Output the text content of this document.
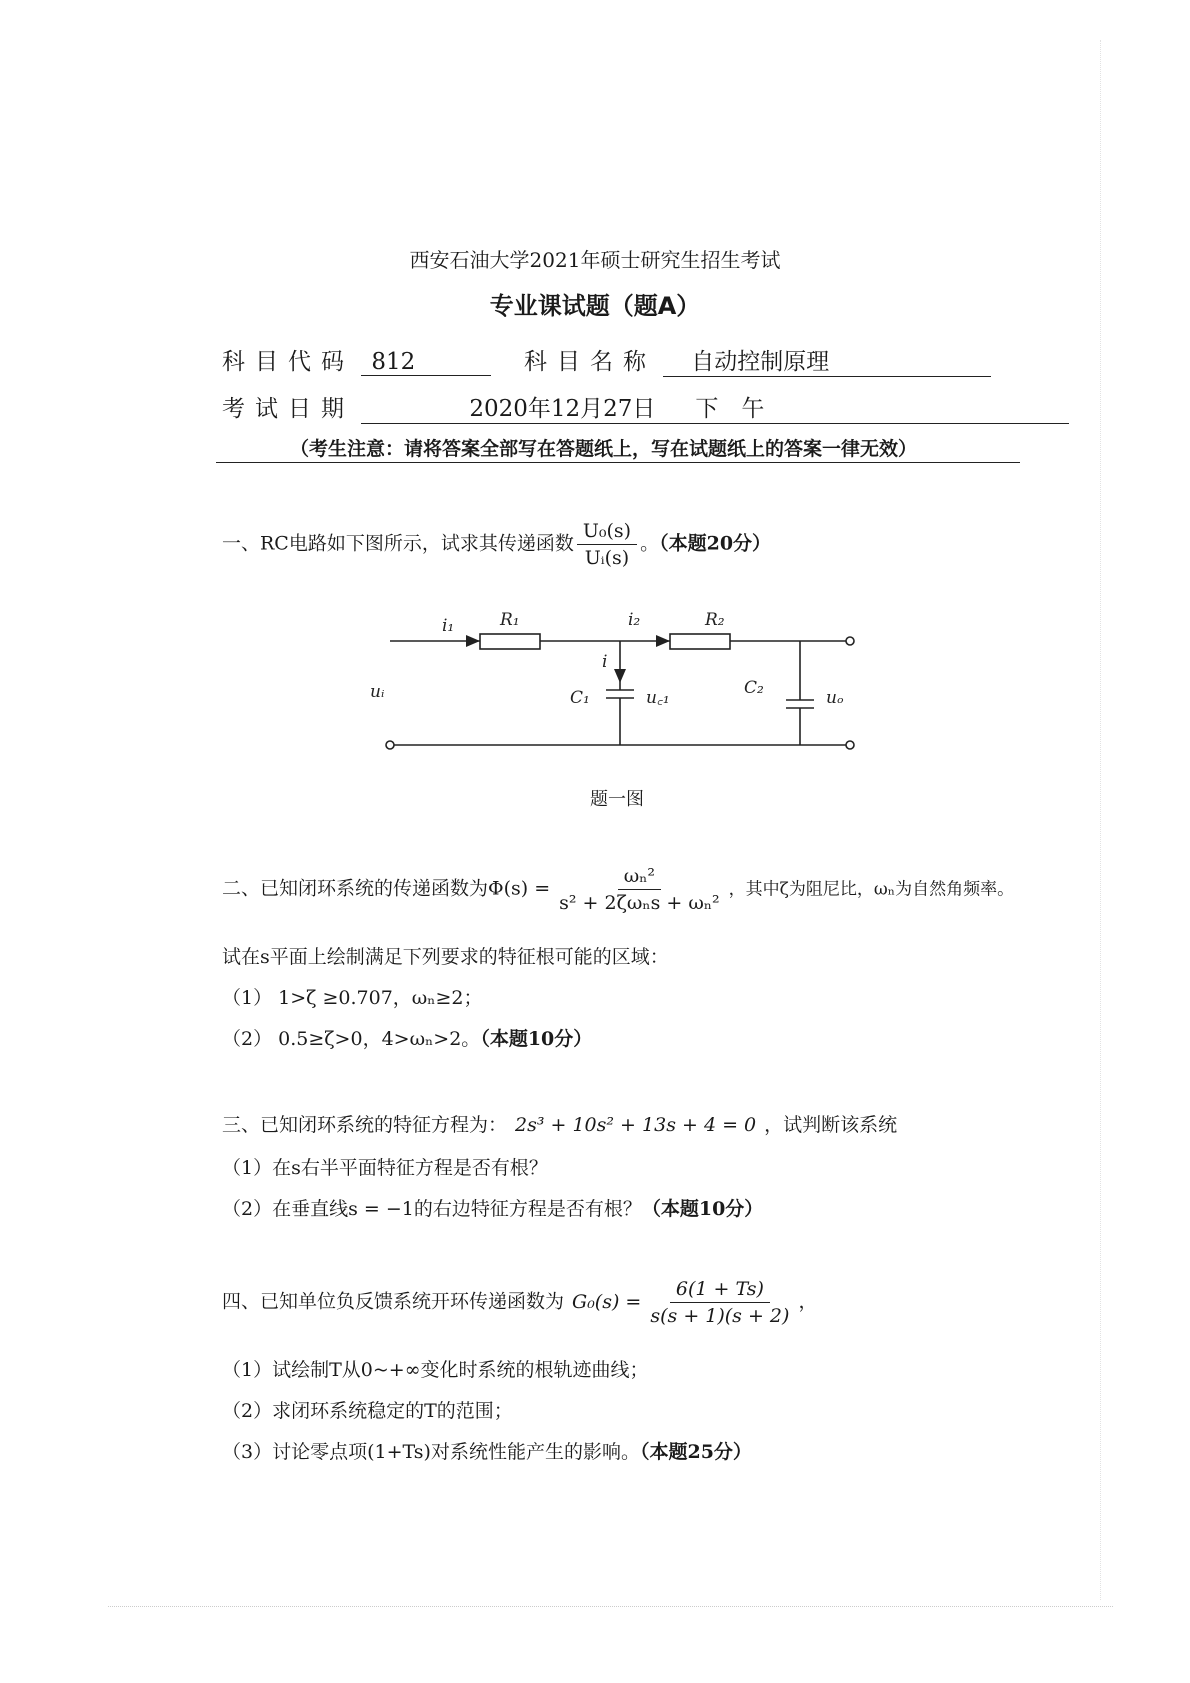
西安石油大学2021年硕士研究生招生考试
专业课试题（题A）
科目代码 812	科目名称 自动控制原理
考试日期	2020年12月27日 下　午
（考生注意：请将答案全部写在答题纸上，写在试题纸上的答案一律无效）
一、RC电路如下图所示，试求其传递函数 $\frac{\text{U₀(s)}}{\text{Uᵢ(s)}}$ 。（本题20分）
i₁	R₁	i₂	R₂
i
uᵢ	C₁	u꜀₁	C₂	uₒ
题一图
二、已知闭环系统的传递函数为$\Phi(s) = \frac{\text{ωₙ²}}{\text{s² + 2ζωₙs + ωₙ²}}$ ，其中ζ为阻尼比，ωₙ为自然角频率。
试在s平面上绘制满足下列要求的特征根可能的区域：
（1） 1>ζ ≥0.707，ωₙ≥2；
（2） 0.5≥ζ>0，4>ωₙ>2。（本题10分）
三、已知闭环系统的特征方程为： 2s³ + 10s² + 13s + 4 = 0 ，试判断该系统
（1）在s右半平面特征方程是否有根？
（2）在垂直线s = −1的右边特征方程是否有根？（本题10分）
四、已知单位负反馈系统开环传递函数为 $G_0(s) = \frac{6(1 + Ts)}{s(s + 1)(s + 2)}$ ，
（1）试绘制T从0~+∞变化时系统的根轨迹曲线；
（2）求闭环系统稳定的T的范围；
（3）讨论零点项(1+Ts)对系统性能产生的影响。（本题25分）
